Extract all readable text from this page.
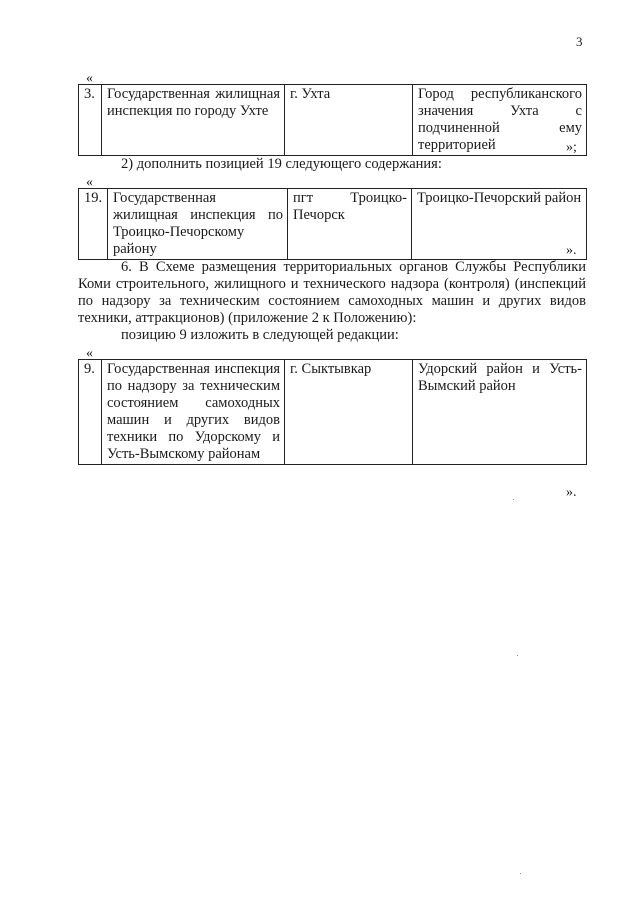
3
«
3.	Государственная жилищная инспекция по городу Ухте	г. Ухта	Город республиканского значения Ухта с подчиненной ему территорией	»;
2) дополнить позицией 19 следующего содержания:
«
19.	Государственная жилищная инспекция по Троицко-Печорскому району	пгт Троицко-Печорск	Троицко-Печорский район
».
6. В Схеме размещения территориальных органов Службы Республики Коми строительного, жилищного и технического надзора (контроля) (инспекций по надзору за техническим состоянием самоходных машин и других видов техники, аттракционов) (приложение 2 к Положению):
позицию 9 изложить в следующей редакции:
«
9.	Государственная инспекция по надзору за техническим состоянием самоходных машин и других видов техники по Удорскому и Усть-Вымскому районам	г. Сыктывкар	Удорский район и Усть-Вымский район
».
